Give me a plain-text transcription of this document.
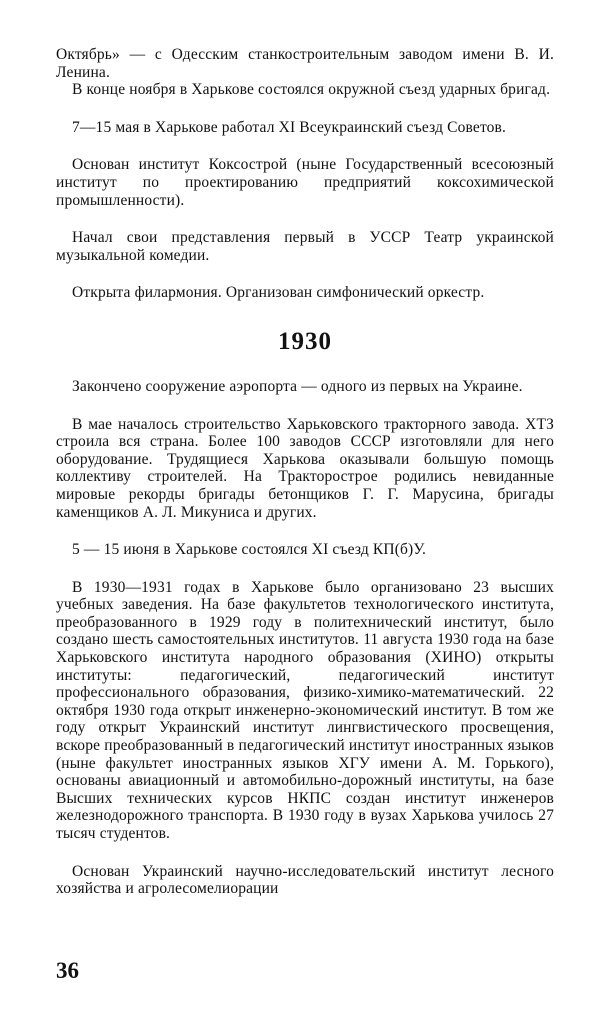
Октябрь» — с Одесским станкостроительным заводом имени В. И. Ленина.

В конце ноября в Харькове состоялся окружной съезд ударных бригад.

7—15 мая в Харькове работал XI Всеукраинский съезд Советов.

Основан институт Коксострой (ныне Государственный всесоюзный институт по проектированию предприятий коксохимической промышленности).

Начал свои представления первый в УССР Театр украинской музыкальной комедии.

Открыта филармония. Организован симфонический оркестр.

1930

Закончено сооружение аэропорта — одного из первых на Украине.

В мае началось строительство Харьковского тракторного завода. ХТЗ строила вся страна. Более 100 заводов СССР изготовляли для него оборудование. Трудящиеся Харькова оказывали большую помощь коллективу строителей. На Тракторострое родились невиданные мировые рекорды бригады бетонщиков Г. Г. Марусина, бригады каменщиков А. Л. Микуниса и других.

5 — 15 июня в Харькове состоялся XI съезд КП(б)У.

В 1930—1931 годах в Харькове было организовано 23 высших учебных заведения. На базе факультетов технологического института, преобразованного в 1929 году в политехнический институт, было создано шесть самостоятельных институтов. 11 августа 1930 года на базе Харьковского института народного образования (ХИНО) открыты институты: педагогический, педагогический институт профессионального образования, физико-химико-математический. 22 октября 1930 года открыт инженерно-экономический институт. В том же году открыт Украинский институт лингвистического просвещения, вскоре преобразованный в педагогический институт иностранных языков (ныне факультет иностранных языков ХГУ имени А. М. Горького), основаны авиационный и автомобильно-дорожный институты, на базе Высших технических курсов НКПС создан институт инженеров железнодорожного транспорта. В 1930 году в вузах Харькова училось 27 тысяч студентов.

Основан Украинский научно-исследовательский институт лесного хозяйства и агролесомелиорации

36
